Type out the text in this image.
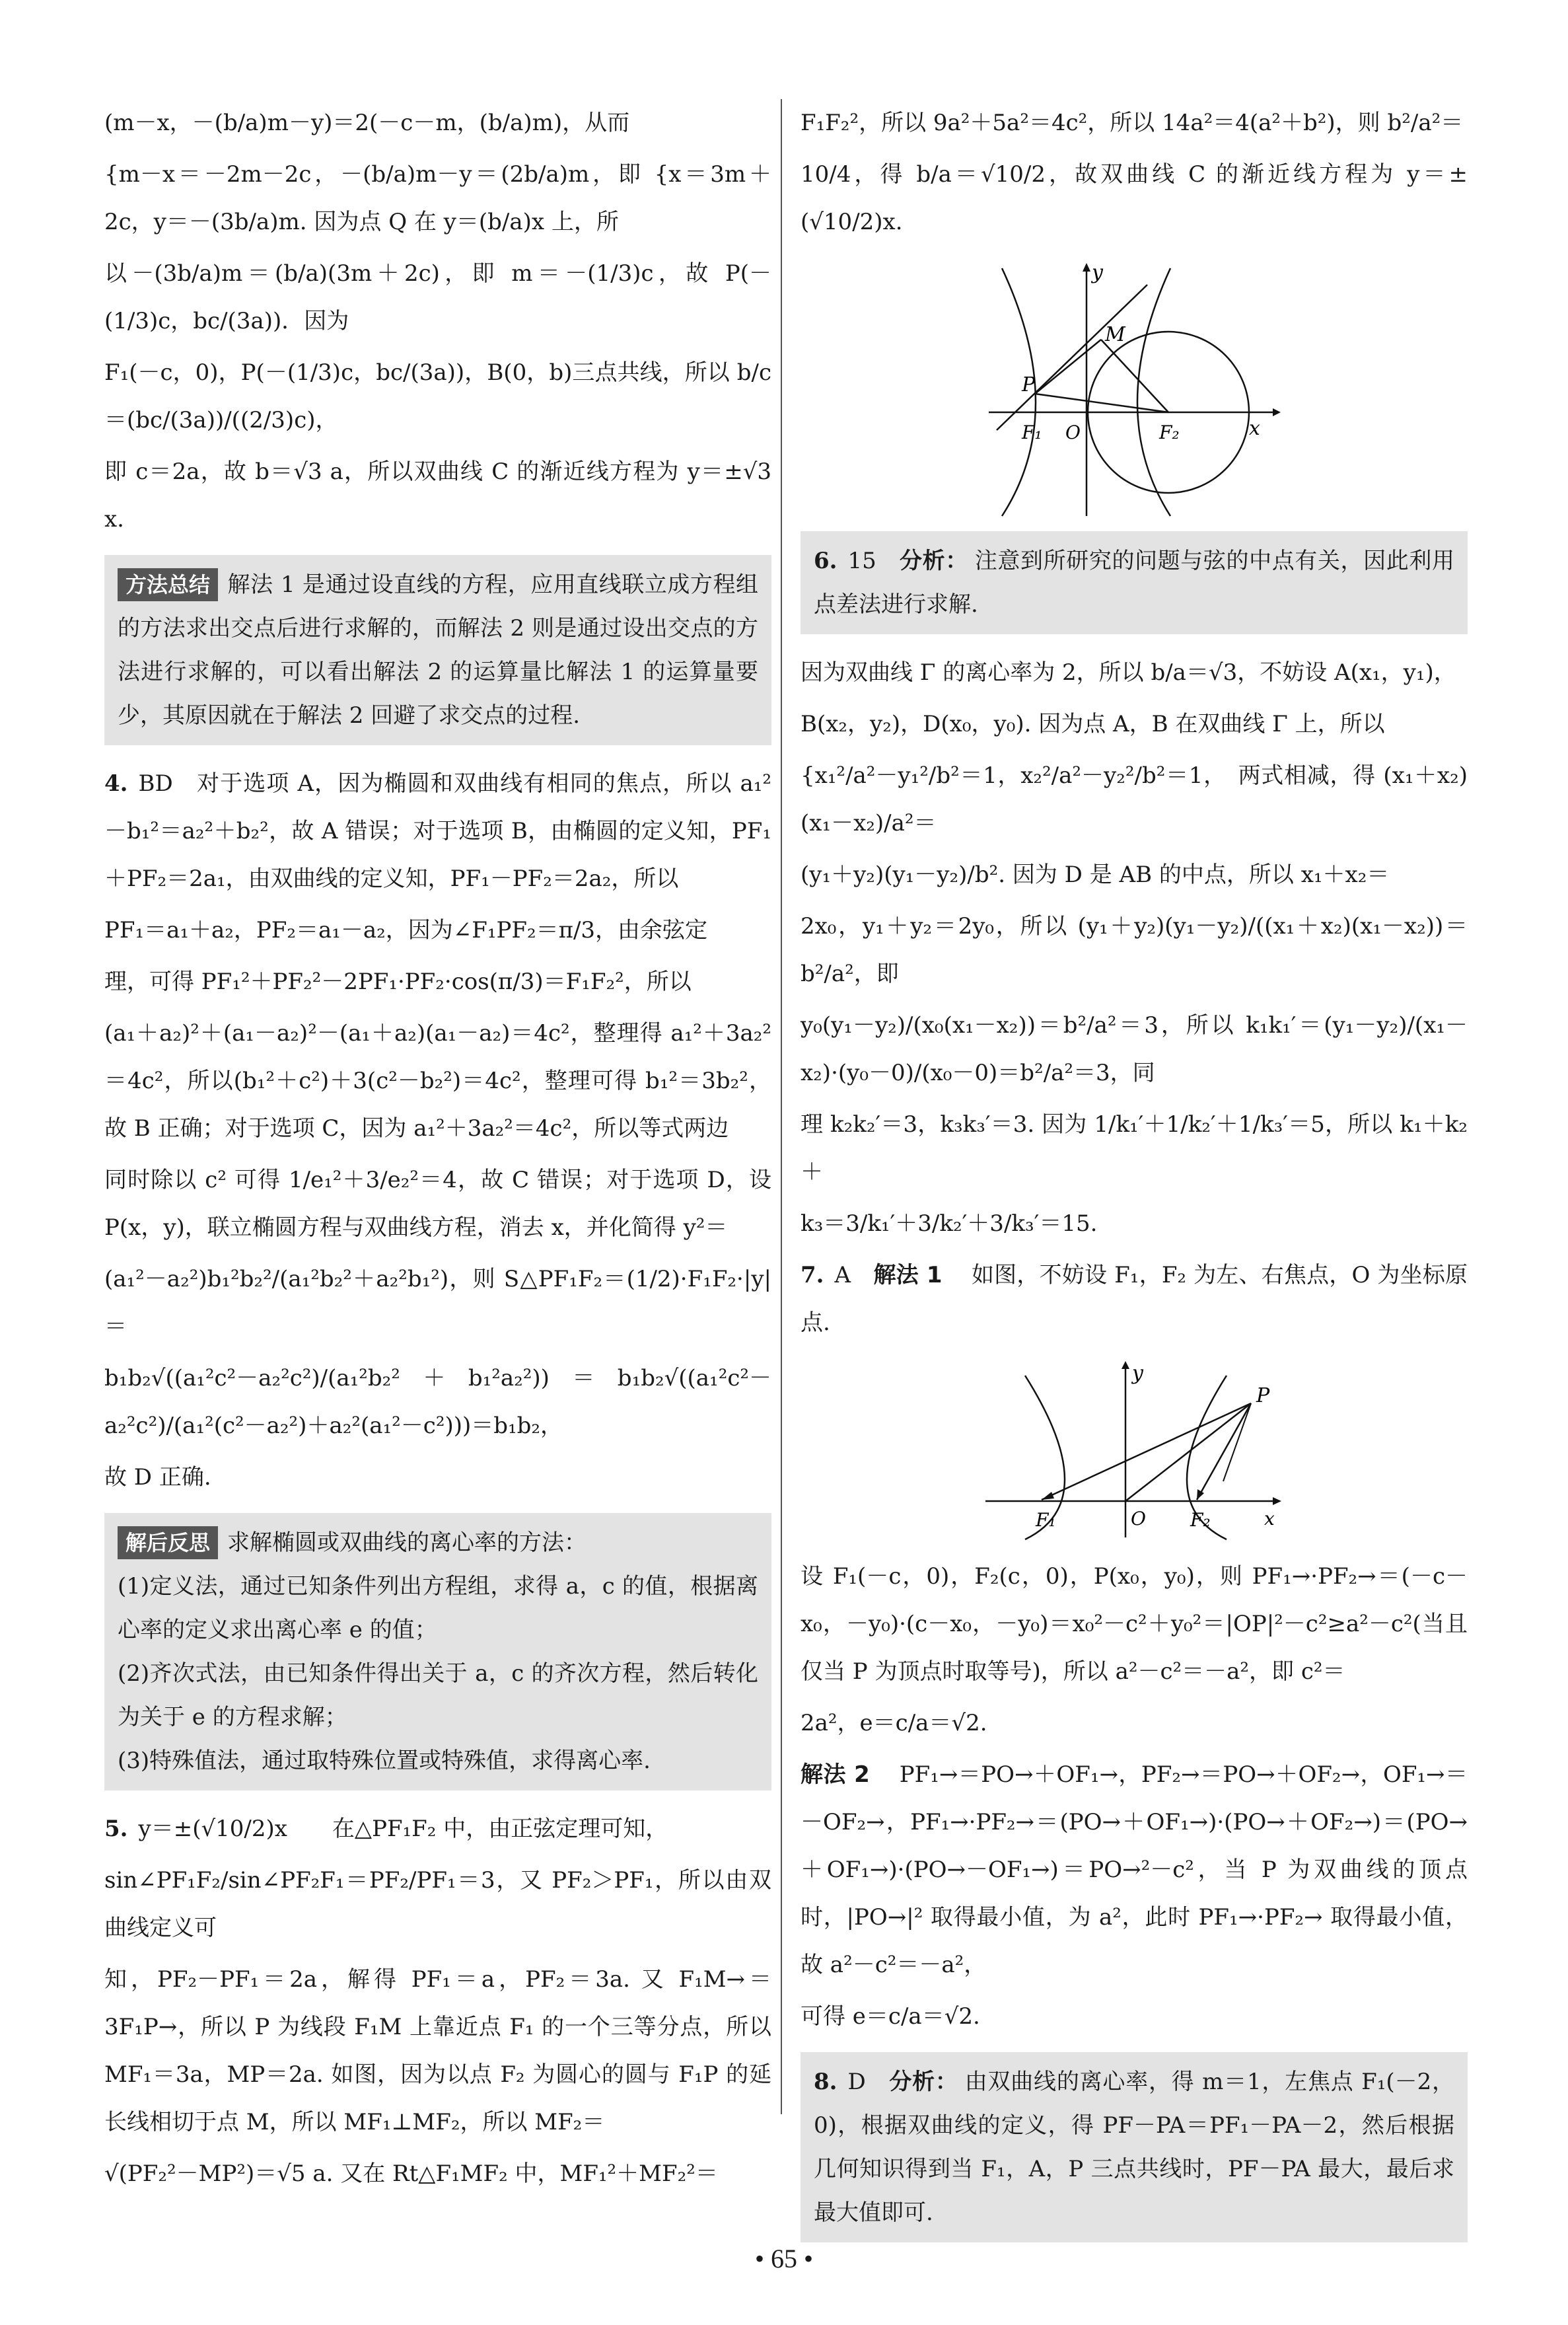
(m－x，－(b/a)m－y)＝2(－c－m，(b/a)m)，从而

{m－x＝－2m－2c，－(b/a)m－y＝(2b/a)m，即 {x＝3m＋2c，y＝－(3b/a)m. 因为点 Q 在 y＝(b/a)x 上，所

以－(3b/a)m＝(b/a)(3m＋2c)，即 m＝－(1/3)c，故 P(－(1/3)c，bc/(3a))．因为

F₁(－c，0)，P(－(1/3)c，bc/(3a))，B(0，b)三点共线，所以 b/c＝(bc/(3a))/((2/3)c)，

即 c＝2a，故 b＝√3 a，所以双曲线 C 的渐近线方程为 y＝±√3 x.

方法总结 解法 1 是通过设直线的方程，应用直线联立成方程组的方法求出交点后进行求解的，而解法 2 则是通过设出交点的方法进行求解的，可以看出解法 2 的运算量比解法 1 的运算量要少，其原因就在于解法 2 回避了求交点的过程.

4. BD　对于选项 A，因为椭圆和双曲线有相同的焦点，所以 a₁²－b₁²＝a₂²＋b₂²，故 A 错误；对于选项 B，由椭圆的定义知，PF₁＋PF₂＝2a₁，由双曲线的定义知，PF₁－PF₂＝2a₂，所以

PF₁＝a₁＋a₂，PF₂＝a₁－a₂，因为∠F₁PF₂＝π/3，由余弦定

理，可得 PF₁²＋PF₂²－2PF₁·PF₂·cos(π/3)＝F₁F₂²，所以

(a₁＋a₂)²＋(a₁－a₂)²－(a₁＋a₂)(a₁－a₂)＝4c²，整理得 a₁²＋3a₂²＝4c²，所以(b₁²＋c²)＋3(c²－b₂²)＝4c²，整理可得 b₁²＝3b₂²，故 B 正确；对于选项 C，因为 a₁²＋3a₂²＝4c²，所以等式两边

同时除以 c² 可得 1/e₁²＋3/e₂²＝4，故 C 错误；对于选项 D，设 P(x，y)，联立椭圆方程与双曲线方程，消去 x，并化简得 y²＝

(a₁²－a₂²)b₁²b₂²/(a₁²b₂²＋a₂²b₁²)，则 S△PF₁F₂＝(1/2)·F₁F₂·|y|＝

b₁b₂√((a₁²c²－a₂²c²)/(a₁²b₂²＋b₁²a₂²))＝b₁b₂√((a₁²c²－a₂²c²)/(a₁²(c²－a₂²)＋a₂²(a₁²－c²)))＝b₁b₂，

故 D 正确.

解后反思 求解椭圆或双曲线的离心率的方法：

(1)定义法，通过已知条件列出方程组，求得 a，c 的值，根据离心率的定义求出离心率 e 的值；

(2)齐次式法，由已知条件得出关于 a，c 的齐次方程，然后转化为关于 e 的方程求解；

(3)特殊值法，通过取特殊位置或特殊值，求得离心率.

5. y＝±(√10/2)x　　在△PF₁F₂ 中，由正弦定理可知，

sin∠PF₁F₂/sin∠PF₂F₁＝PF₂/PF₁＝3，又 PF₂＞PF₁，所以由双曲线定义可

知，PF₂－PF₁＝2a，解得 PF₁＝a，PF₂＝3a. 又 F₁M→＝3F₁P→，所以 P 为线段 F₁M 上靠近点 F₁ 的一个三等分点，所以 MF₁＝3a，MP＝2a. 如图，因为以点 F₂ 为圆心的圆与 F₁P 的延长线相切于点 M，所以 MF₁⊥MF₂，所以 MF₂＝

√(PF₂²－MP²)＝√5 a. 又在 Rt△F₁MF₂ 中，MF₁²＋MF₂²＝

F₁F₂²，所以 9a²＋5a²＝4c²，所以 14a²＝4(a²＋b²)，则 b²/a²＝

10/4，得 b/a＝√10/2，故双曲线 C 的渐近线方程为 y＝±(√10/2)x.

y
x
M
P
F₁ O	F₂

6. 15　分析： 注意到所研究的问题与弦的中点有关，因此利用点差法进行求解.

因为双曲线 Γ 的离心率为 2，所以 b/a＝√3，不妨设 A(x₁，y₁)，

B(x₂，y₂)，D(x₀，y₀). 因为点 A，B 在双曲线 Γ 上，所以

{x₁²/a²－y₁²/b²＝1，x₂²/a²－y₂²/b²＝1，　两式相减，得 (x₁＋x₂)(x₁－x₂)/a²＝

(y₁＋y₂)(y₁－y₂)/b². 因为 D 是 AB 的中点，所以 x₁＋x₂＝

2x₀，y₁＋y₂＝2y₀，所以 (y₁＋y₂)(y₁－y₂)/((x₁＋x₂)(x₁－x₂))＝b²/a²，即

y₀(y₁－y₂)/(x₀(x₁－x₂))＝b²/a²＝3，所以 k₁k₁′＝(y₁－y₂)/(x₁－x₂)·(y₀－0)/(x₀－0)＝b²/a²＝3，同

理 k₂k₂′＝3，k₃k₃′＝3. 因为 1/k₁′＋1/k₂′＋1/k₃′＝5，所以 k₁＋k₂＋

k₃＝3/k₁′＋3/k₂′＋3/k₃′＝15.

7. A　解法 1　如图，不妨设 F₁，F₂ 为左、右焦点，O 为坐标原点.

y
P
F₁	O F₂	x

设 F₁(－c，0)，F₂(c，0)，P(x₀，y₀)，则 PF₁→·PF₂→＝(－c－x₀，－y₀)·(c－x₀，－y₀)＝x₀²－c²＋y₀²＝|OP|²－c²≥a²－c²(当且仅当 P 为顶点时取等号)，所以 a²－c²＝－a²，即 c²＝

2a²，e＝c/a＝√2.

解法 2　PF₁→＝PO→＋OF₁→，PF₂→＝PO→＋OF₂→，OF₁→＝－OF₂→，PF₁→·PF₂→＝(PO→＋OF₁→)·(PO→＋OF₂→)＝(PO→＋OF₁→)·(PO→－OF₁→)＝PO→²－c²，当 P 为双曲线的顶点时，|PO→|² 取得最小值，为 a²，此时 PF₁→·PF₂→ 取得最小值，故 a²－c²＝－a²，

可得 e＝c/a＝√2.

8. D　分析： 由双曲线的离心率，得 m＝1，左焦点 F₁(－2，0)，根据双曲线的定义，得 PF－PA＝PF₁－PA－2，然后根据几何知识得到当 F₁，A，P 三点共线时，PF－PA 最大，最后求最大值即可.

• 65 •
